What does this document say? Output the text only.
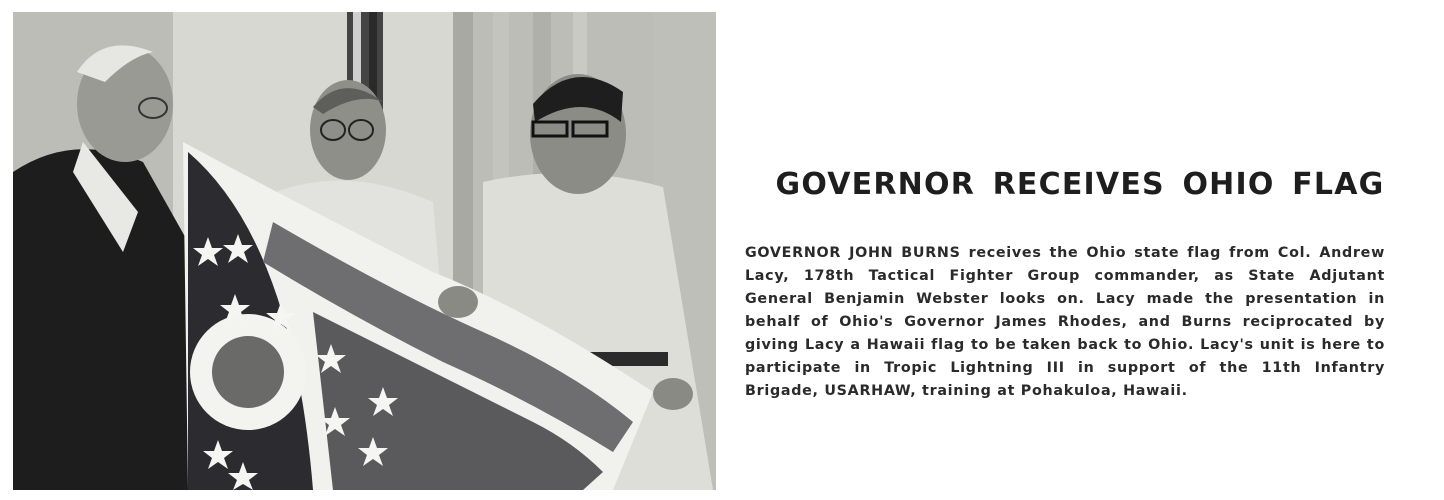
GOVERNOR RECEIVES OHIO FLAG

GOVERNOR JOHN BURNS receives the Ohio state flag from Col. Andrew Lacy, 178th Tactical Fighter Group commander, as State Adjutant General Benjamin Webster looks on. Lacy made the presentation in behalf of Ohio's Governor James Rhodes, and Burns reciprocated by giving Lacy a Hawaii flag to be taken back to Ohio. Lacy's unit is here to participate in Tropic Lightning III in support of the 11th Infantry Brigade, USARHAW, training at Pohakuloa, Hawaii.
